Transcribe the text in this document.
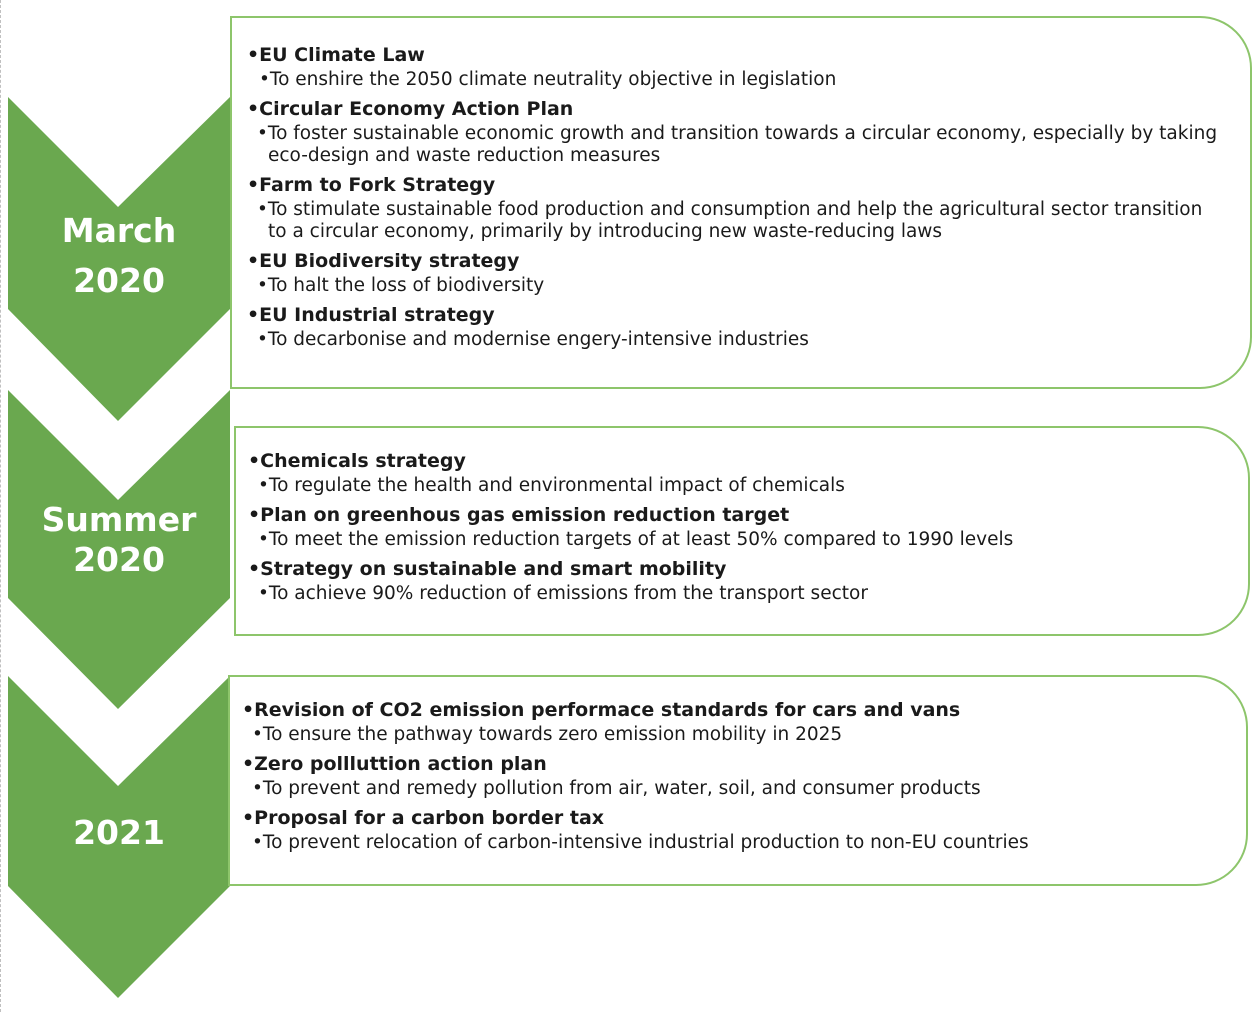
March
2020
Summer
2020
2021
• EU Climate Law
• To enshire the 2050 climate neutrality objective in legislation
• Circular Economy Action Plan
• To foster sustainable economic growth and transition towards a circular economy, especially by taking eco-design and waste reduction measures
• Farm to Fork Strategy
• To stimulate sustainable food production and consumption and help the agricultural sector transition to a circular economy, primarily by introducing new waste-reducing laws
• EU Biodiversity strategy
• To halt the loss of biodiversity
• EU Industrial strategy
• To decarbonise and modernise engery-intensive industries
• Chemicals strategy
• To regulate the health and environmental impact of chemicals
• Plan on greenhous gas emission reduction target
• To meet the emission reduction targets of at least 50% compared to 1990 levels
• Strategy on sustainable and smart mobility
• To achieve 90% reduction of emissions from the transport sector
• Revision of CO2 emission performace standards for cars and vans
• To ensure the pathway towards zero emission mobility in 2025
• Zero pollluttion action plan
• To prevent and remedy pollution from air, water, soil, and consumer products
• Proposal for a carbon border tax
• To prevent relocation of carbon-intensive industrial production to non-EU countries
